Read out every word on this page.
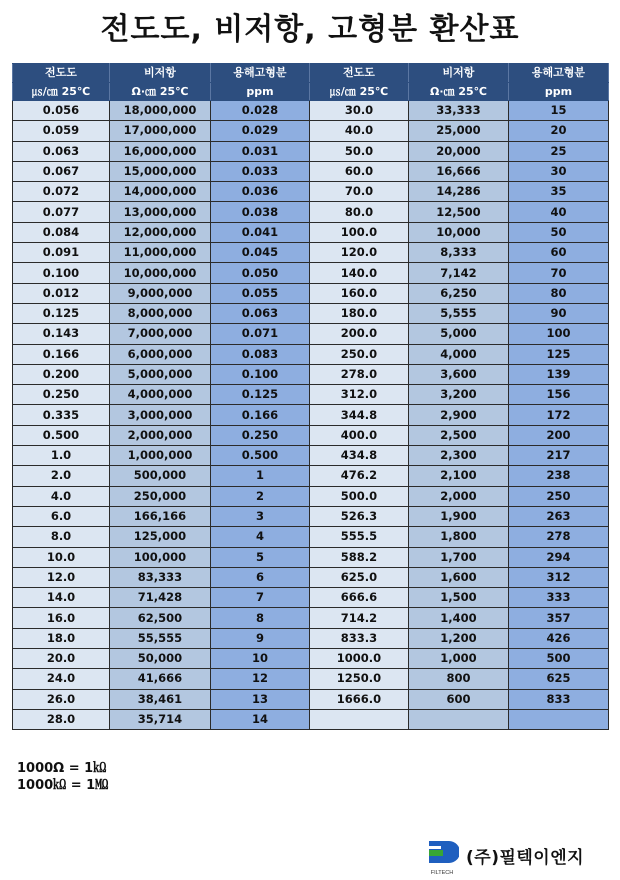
전도도, 비저항, 고형분 환산표
전도도	비저항	용해고형분	전도도	비저항	용해고형분
㎲/㎝ 25℃	Ω·㎝ 25℃	ppm	㎲/㎝ 25℃	Ω·㎝ 25℃	ppm
0.056	18,000,000	0.028	30.0	33,333	15
0.059	17,000,000	0.029	40.0	25,000	20
0.063	16,000,000	0.031	50.0	20,000	25
0.067	15,000,000	0.033	60.0	16,666	30
0.072	14,000,000	0.036	70.0	14,286	35
0.077	13,000,000	0.038	80.0	12,500	40
0.084	12,000,000	0.041	100.0	10,000	50
0.091	11,000,000	0.045	120.0	8,333	60
0.100	10,000,000	0.050	140.0	7,142	70
0.012	9,000,000	0.055	160.0	6,250	80
0.125	8,000,000	0.063	180.0	5,555	90
0.143	7,000,000	0.071	200.0	5,000	100
0.166	6,000,000	0.083	250.0	4,000	125
0.200	5,000,000	0.100	278.0	3,600	139
0.250	4,000,000	0.125	312.0	3,200	156
0.335	3,000,000	0.166	344.8	2,900	172
0.500	2,000,000	0.250	400.0	2,500	200
1.0	1,000,000	0.500	434.8	2,300	217
2.0	500,000	1	476.2	2,100	238
4.0	250,000	2	500.0	2,000	250
6.0	166,166	3	526.3	1,900	263
8.0	125,000	4	555.5	1,800	278
10.0	100,000	5	588.2	1,700	294
12.0	83,333	6	625.0	1,600	312
14.0	71,428	7	666.6	1,500	333
16.0	62,500	8	714.2	1,400	357
18.0	55,555	9	833.3	1,200	426
20.0	50,000	10	1000.0	1,000	500
24.0	41,666	12	1250.0	800	625
26.0	38,461	13	1666.0	600	833
28.0	35,714	14			
1000Ω = 1㏀
1000㏀ = 1㏁
FILTECH
(주)필텍이엔지
